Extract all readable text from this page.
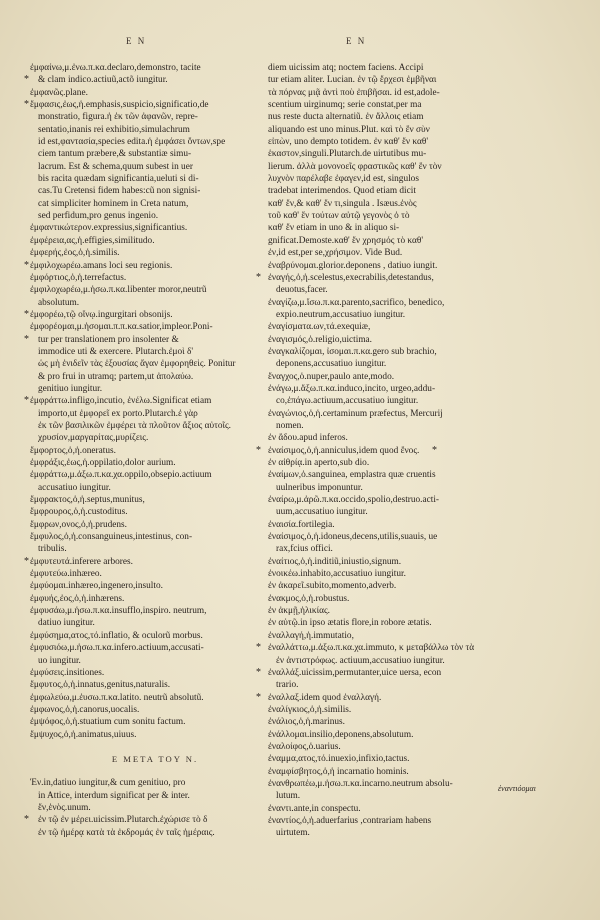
E N	E N
ἐμφαίνω,μ.ἐνω.π.κα.declaro,demonstro, tacite
* & clam indico.actiuũ,actõ iungitur.
ἐμφανῶς.plane.
* ἔμφασις,ἐως,ἡ.emphasis,suspicio,significatio,de
monstratio, figura.ἡ ἐκ τῶν ἀφανῶν, repre-
sentatio,inanis rei exhibitio,simulachrum
id est,φαντασία,species edita.ἡ ἐμφάσει ὄντων,spe
ciem tantum præbere,& substantiæ simu-
lacrum. Est & schema,quum subest in uer
bis racita quædam significantia,ueluti si di-
cas.Tu Cretensi fidem habes:cũ non signisi-
cat simpliciter hominem in Creta natum,
sed perfidum,pro genus ingenio.
ἐμφαντικώτερον.expressius,significantius.
ἐμφέρεια,ας,ἡ.effigies,similitudo.
ἐμφερής,ἐος,ὁ,ἡ.similis.
* ἐμφιλοχωρέω.amans loci seu regionis.
ἐμφόρτιος,ὁ,ἡ.terrefactus.
ἐμφιλοχωρέω,μ.ἡσω.π.κα.libenter moror,neutrũ
absolutum.
* ἐμφορέω,τῷ οἴνῳ.ingurgitari obsonijs.
ἐμφορέομαι,μ.ἡσομαι.π.π.κα.satior,impleor.Poni-
* tur per translationem pro insolenter &
immodice uti & exercere. Plutarch.ἐμοὶ δ'
ὡς μὴ ἐνιδεῖν τὰς ἑξουσίας ἄγαν ἐμφορηθεὶς. Ponitur
& pro frui in utramq; partem,ut ἀπολαύω.
genitiuo iungitur.
* ἐμφράττω.infligo,incutio, ἐνέλω.Significat etiam
importo,ut ἐμφορεῖ ex porto.Plutarch.ἐ γὰρ
ἐκ τῶν βασιλικῶν ἐμφέρει τὰ πλοῦτον ἄξιος αὐτοῖς.
χρυσίον,μαργαρίτας,μυρίζεις.
ἔμφορτος,ὁ,ἡ.oneratus.
ἐμφράξις,ἐως,ἡ.oppilatio,dolor aurium.
ἐμφράττω,μ.ἀξω.π.κα.χα.oppilo,obsepio.actiuum
accusatiuo iungitur.
ἔμφρακτος,ὁ,ἡ.septus,munitus,
ἔμφρουρος,ὁ,ἡ.custoditus.
ἔμφρων,ονος,ὁ,ἡ.prudens.
ἔμφυλος,ὁ,ἡ.consanguineus,intestinus, con-
tribulis.
* ἐμφυτευτά.inferere arbores.
ἐμφυτεύω.inhæreo.
ἐμφύομαι.inhæreo,ingenero,insulto.
ἐμφυής,ἐος,ὁ,ἡ.inhærens.
ἐμφυσάω,μ.ἡσω.π.κα.insufflo,inspiro. neutrum,
datiuo iungitur.
ἐμφύσημα,ατος,τό.inflatio, & oculorũ morbus.
ἐμφυσιόω,μ.ἡσω.π.κα.infero.actiuum,accusati-
uo iungitur.
ἐμφύσεις.insitiones.
ἔμφυτος,ὁ,ἡ.innatus,genitus,naturalis.
ἐμφωλεύω,μ.ἐυσω.π.κα.latito. neutrũ absolutũ.
ἐμφωνος,ὁ,ἡ.canorus,uocalis.
ἐμψόφος,ὁ,ἡ.stuatium cum sonitu factum.
ἔμψυχος,ὁ,ἡ.animatus,uiuus.
E META TOY N.
Ἐν.in,datiuo iungitur,& cum genitiuo, pro
in Attice, interdum significat per & inter.
ἕν,ἑνὸς.unum.
* ἐν τῷ ἐν μέρει.uicissim.Plutarch.ἐχώρισε τὸ δ
ἐν τῷ ἡμέρᾳ κατὰ τὰ ἐκδρομάς ἐν ταῖς ἡμέραις.
diem uicissim atq; noctem faciens. Accipi
tur etiam aliter. Lucian. ἐν τῷ ἔρχεσι ἐμβῆναι
τὰ πόρνας μιᾷ ἀντὶ ποὺ ἐπιβῆσαι. id est,adole-
scentium uirginumq; serie constat,per ma
nus reste ducta alternatiũ. ἐν ἄλλοις etiam
aliquando est uno minus.Plut. καὶ τὸ ἕν σὺν
εἰπὼν, uno demptο totidem. ἐν καθ' ἕν καθ'
ἑκαστον,singuli.Plutarch.de uirtutibus mu-
lierum. ἀλλὰ μονονοεῖς φραστικῶς καθ' ἕν τὸν
λυχνὸν παρέλαβε ἐφαγεν,id est, singulos
tradebat interimendos. Quod etiam dicit
καθ' ἕν,& καθ' ἕν τι,singula . Isæus.ἐνὸς
τοῦ καθ' ἕν τούτων αὐτῷ γεγονὸς ὁ τὸ
καθ' ἕν etiam in uno & in aliquo si-
gnificat.Demoste.καθ' ἕν χρησμός τὸ καθ'
ἐν,id est,per se,χρήσιμον. Vide Bud.
ἐναβρύνομαι.glorior.deponens , datiuo iungit.
* ἐναγής,ὁ,ἡ.scelestus,execrabilis,detestandus,
deuotus,facer.
ἐναγίζω,μ.ἴσω.π.κα.parento,sacrifico, benedico,
expio.neutrum,accusatiuo iungitur.
ἐναγίσματα.ων,τά.exequiæ,
ἐναγισμός,ὁ.religio,uictima.
ἐναγκαλίζομαι, ἰσομαι.π.κα.gero sub brachio,
deponens,accusatiuo iungitur.
ἔναγχος,ὁ.nuper,paulo ante,modo.
ἐνάγω,μ.ἄξω.π.κα.induco,incito, urgeo,addu-
co,ἐπάγω.actiuum,accusatiuo iungitur.
ἐναγώνιος,ὁ,ἡ.certaminum præfectus, Mercurij
nomen.
ἐν ἄδου.apud inferos.
*	*
ἐναίσιμος,ὁ,ἡ.anniculus,idem quod ἔνος.
ἐν αἰθρίᾳ.in aperto,sub dio.
ἐναίμων,ὁ.sanguinea, emplastra quæ cruentis
uulneribus imponuntur.
ἐναίρω,μ.ἀρῶ.π.κα.occido,spolio,destruo.acti-
uum,accusatiuo iungitur.
ἐναισία.fortilegia.
ἐναίσιμος,ὁ,ἡ.idoneus,decens,utilis,suauis, ue
rax,fcius offici.
ἐναίτιος,ὁ,ἡ.inditiũ,iniustio,signum.
ἐνοικέω.inhabito,accusatiuo iungitur.
ἐν ἀκαρεῖ.subito,momento,adverb.
ἐνακμος,ὁ,ἡ.robustus.
ἐν ἀκμῇ,ἡλικίας.
ἐν αὐτῷ.in ipso ætatis flore,in robore ætatis.
ἐναλλαγή,ἡ.immutatio,
* ἐναλλάττω,μ.ἀξω.π.κα.χα.immuto, κ μεταβάλλω τὸν τὰ
ἐν ἀντιστρόφως. actiuum,accusatiuo iungitur.
* ἐναλλάξ.uicissim,permutanter,uice uersa, econ
trario.
* ἐναλλαξ.idem quod ἐναλλαγή.
ἐναλίγκιος,ὁ,ἡ.similis.
ἐνάλιος,ὁ,ἡ.marinus.
ἐνάλλομαι.insilio,deponens,absolutum.
ἐναλοίφος,ὁ.uarius.
ἐναμμα,ατος,τό.inuexio,infixio,tactus.
ἐναμφίσβητος,ὁ,ἡ incarnatio hominis.
ἐνανθρωπέω,μ.ἡσω.π.κα.incarno.neutrum absolu-
lutum.
ἐναντι.ante,in conspectu.
ἐναντίος,ὁ,ἡ.aduerfarius ,contrariam habens
uirtutem.
ἐναντιόομαι
